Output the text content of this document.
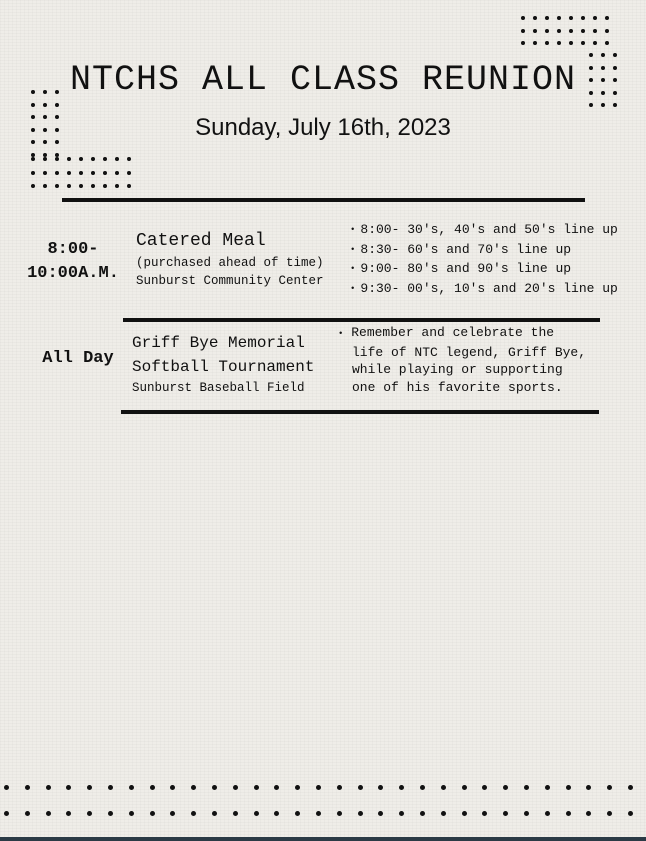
NTCHS ALL CLASS REUNION
Sunday, July 16th, 2023
8:00-
10:00A.M.
Catered Meal
(purchased ahead of time)
Sunburst Community Center
• 8:00- 30's, 40's and 50's line up
• 8:30- 60's and 70's line up
• 9:00- 80's and 90's line up
• 9:30- 00's, 10's and 20's line up
All Day
Griff Bye Memorial
Softball Tournament
Sunburst Baseball Field
• Remember and celebrate the
life of NTC legend, Griff Bye,
while playing or supporting
one of his favorite sports.
